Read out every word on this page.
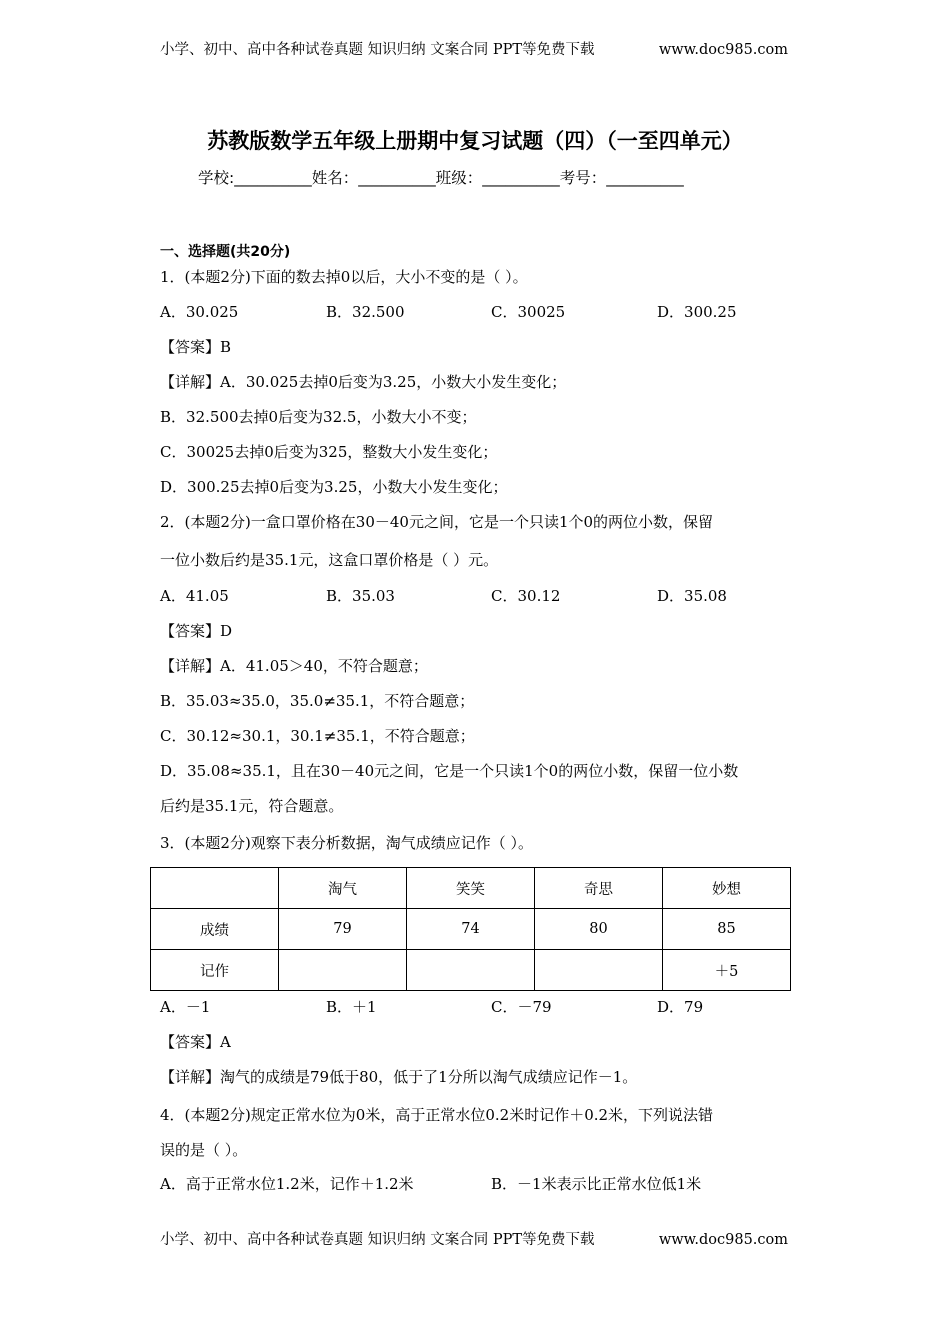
小学、初中、高中各种试卷真题 知识归纳 文案合同 PPT等免费下载	www.doc985.com
苏教版数学五年级上册期中复习试题（四）（一至四单元）
学校:__________姓名：__________班级：__________考号：__________
一、选择题(共20分)
1．(本题2分)下面的数去掉0以后，大小不变的是（ ）。
A．30.025	B．32.500	C．30025	D．300.25
【答案】B
【详解】A．30.025去掉0后变为3.25，小数大小发生变化；
B．32.500去掉0后变为32.5，小数大小不变；
C．30025去掉0后变为325，整数大小发生变化；
D．300.25去掉0后变为3.25，小数大小发生变化；
2．(本题2分)一盒口罩价格在30－40元之间，它是一个只读1个0的两位小数，保留
一位小数后约是35.1元，这盒口罩价格是（ ）元。
A．41.05	B．35.03	C．30.12	D．35.08
【答案】D
【详解】A．41.05＞40，不符合题意；
B．35.03≈35.0，35.0≠35.1，不符合题意；
C．30.12≈30.1，30.1≠35.1，不符合题意；
D．35.08≈35.1，且在30－40元之间，它是一个只读1个0的两位小数，保留一位小数
后约是35.1元，符合题意。
3．(本题2分)观察下表分析数据，淘气成绩应记作（ ）。
	淘气	笑笑	奇思	妙想
成绩	79	74	80	85
记作				＋5
A．－1	B．＋1	C．－79	D．79
【答案】A
【详解】淘气的成绩是79低于80，低于了1分所以淘气成绩应记作－1。
4．(本题2分)规定正常水位为0米，高于正常水位0.2米时记作＋0.2米，下列说法错
误的是（ ）。
A．高于正常水位1.2米，记作＋1.2米	B．－1米表示比正常水位低1米
小学、初中、高中各种试卷真题 知识归纳 文案合同 PPT等免费下载	www.doc985.com
